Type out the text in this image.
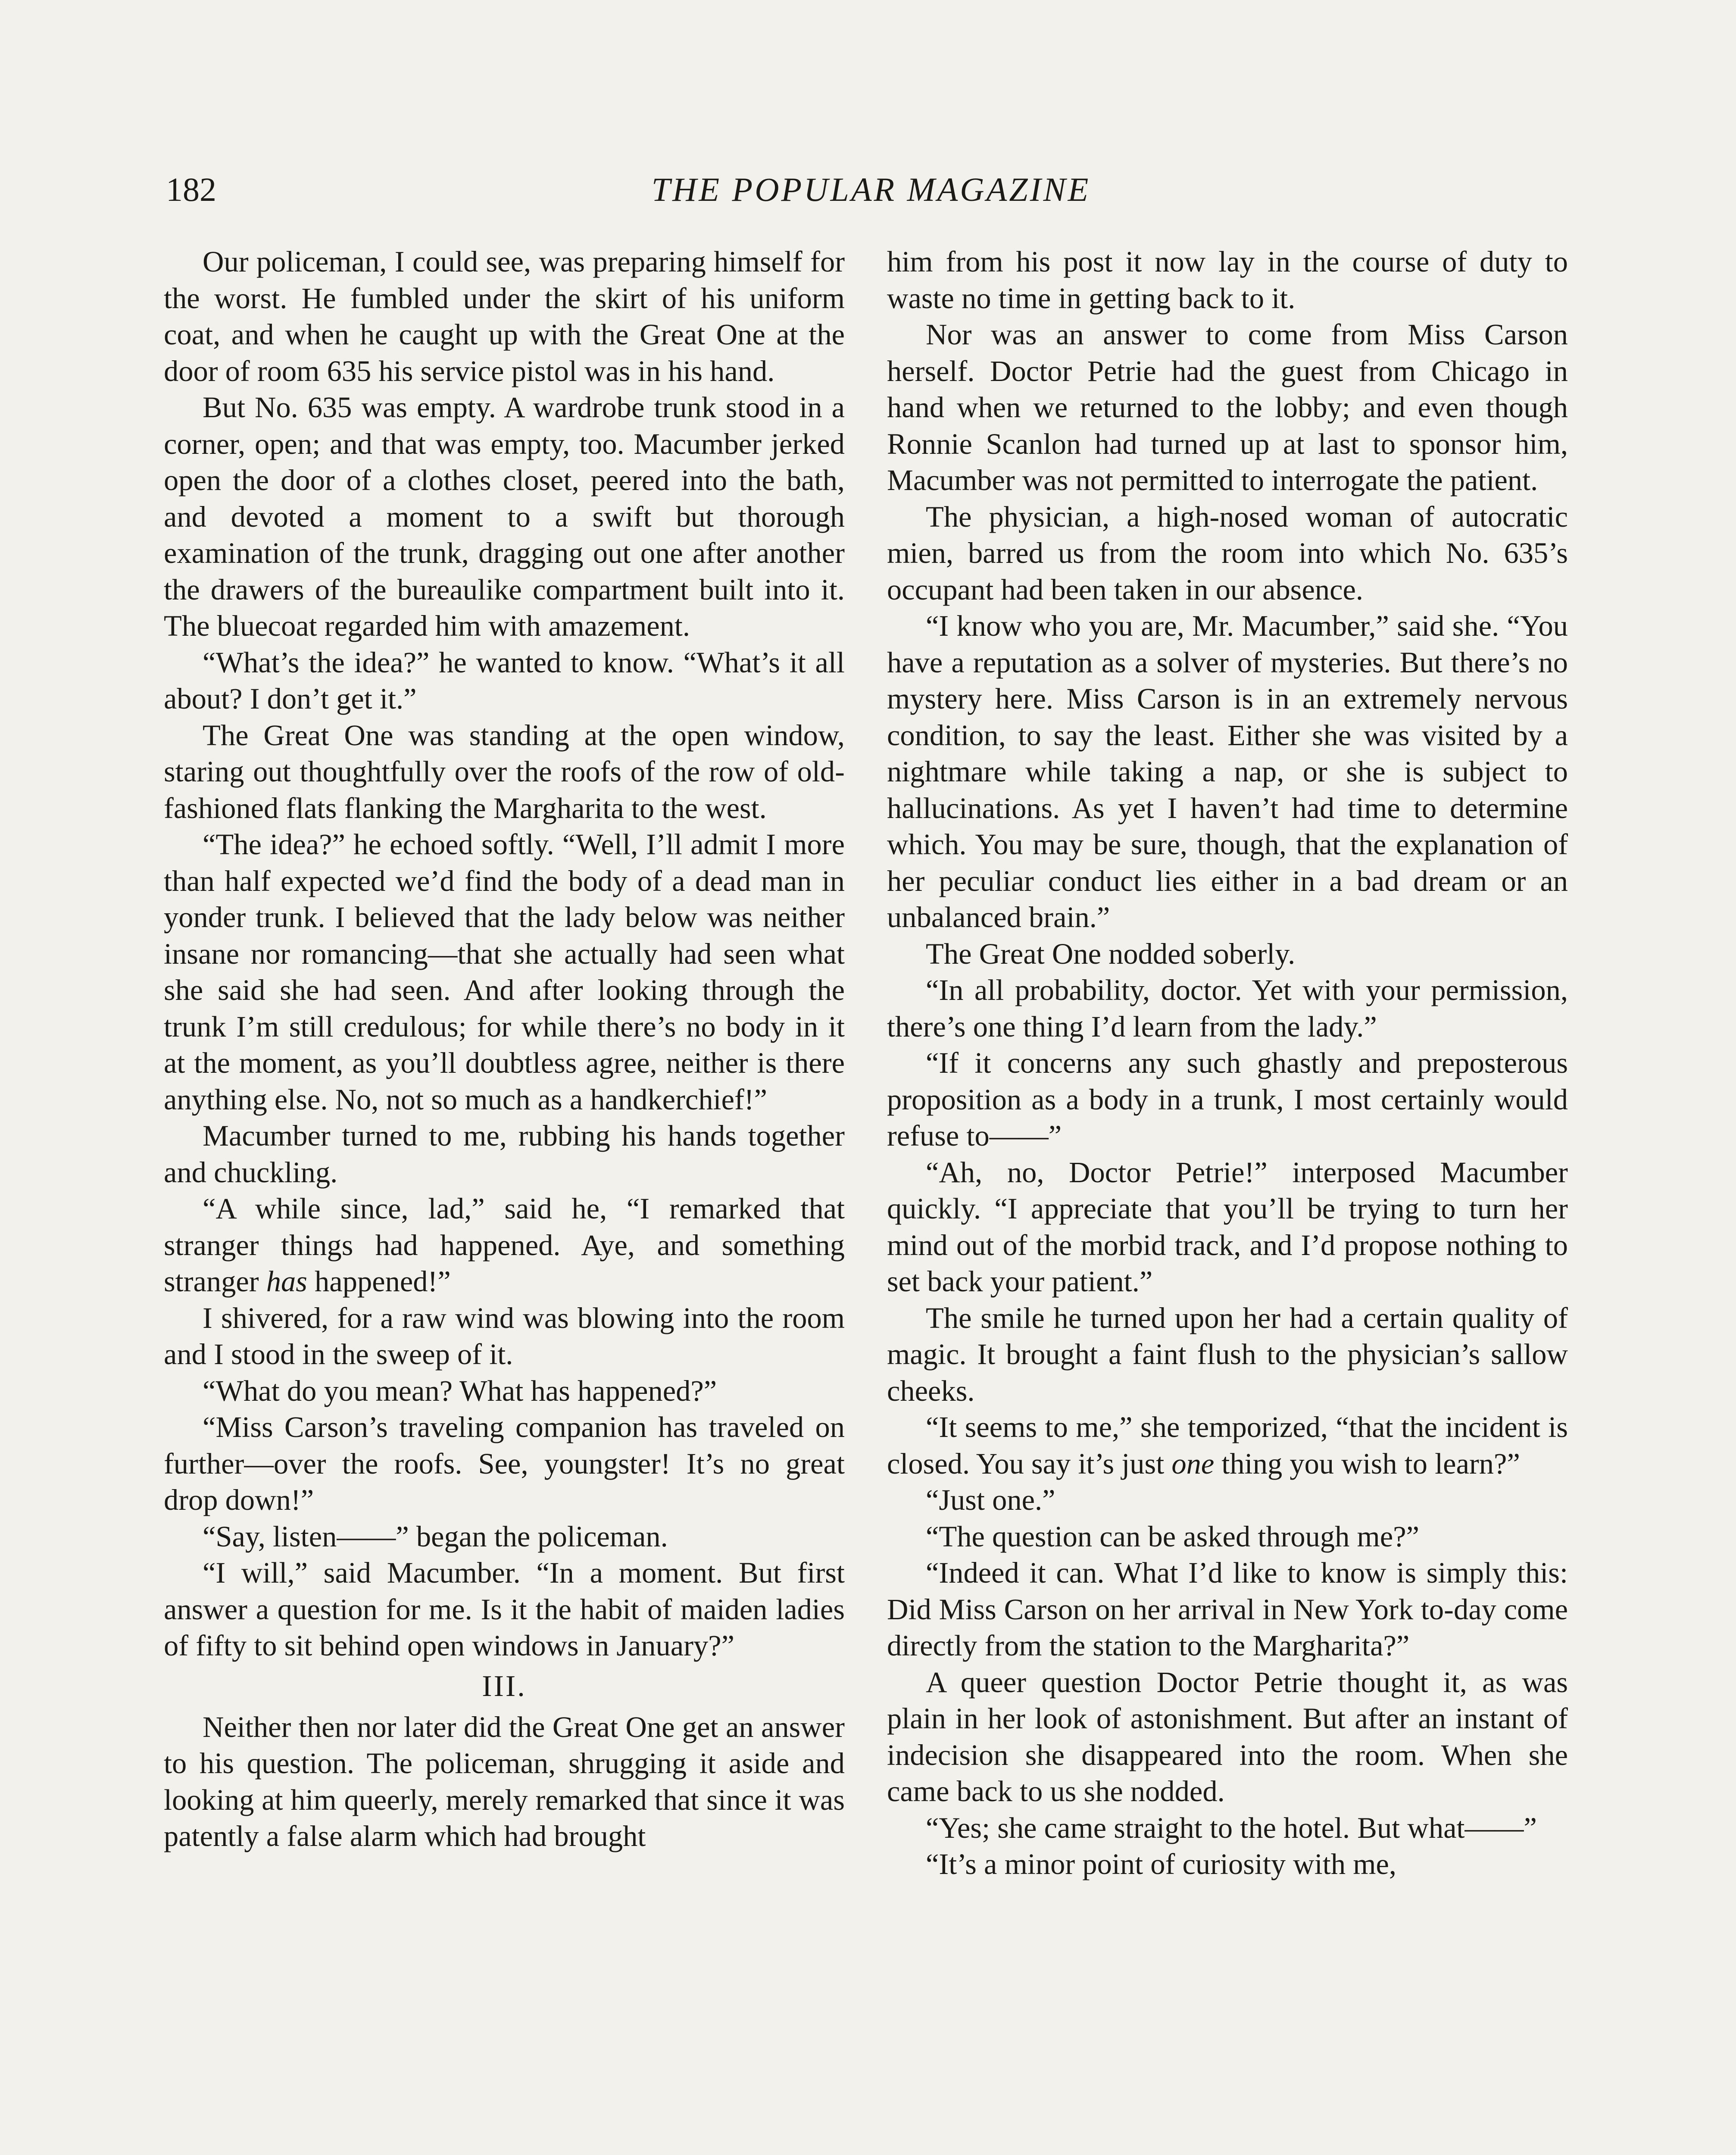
182	THE POPULAR MAGAZINE

Our policeman, I could see, was preparing himself for the worst. He fumbled under the skirt of his uniform coat, and when he caught up with the Great One at the door of room 635 his service pistol was in his hand.

But No. 635 was empty. A wardrobe trunk stood in a corner, open; and that was empty, too. Macumber jerked open the door of a clothes closet, peered into the bath, and devoted a moment to a swift but thorough examination of the trunk, dragging out one after another the drawers of the bureaulike compartment built into it. The bluecoat regarded him with amazement.

“What’s the idea?” he wanted to know. “What’s it all about? I don’t get it.”

The Great One was standing at the open window, staring out thoughtfully over the roofs of the row of old-fashioned flats flanking the Margharita to the west.

“The idea?” he echoed softly. “Well, I’ll admit I more than half expected we’d find the body of a dead man in yonder trunk. I believed that the lady below was neither insane nor romancing—that she actually had seen what she said she had seen. And after looking through the trunk I’m still credulous; for while there’s no body in it at the moment, as you’ll doubtless agree, neither is there anything else. No, not so much as a handkerchief!”

Macumber turned to me, rubbing his hands together and chuckling.

“A while since, lad,” said he, “I remarked that stranger things had happened. Aye, and something stranger has happened!”

I shivered, for a raw wind was blowing into the room and I stood in the sweep of it.

“What do you mean? What has happened?”

“Miss Carson’s traveling companion has traveled on further—over the roofs. See, youngster! It’s no great drop down!”

“Say, listen——” began the policeman.

“I will,” said Macumber. “In a moment. But first answer a question for me. Is it the habit of maiden ladies of fifty to sit behind open windows in January?”

III.

Neither then nor later did the Great One get an answer to his question. The policeman, shrugging it aside and looking at him queerly, merely remarked that since it was patently a false alarm which had brought

him from his post it now lay in the course of duty to waste no time in getting back to it.

Nor was an answer to come from Miss Carson herself. Doctor Petrie had the guest from Chicago in hand when we returned to the lobby; and even though Ronnie Scanlon had turned up at last to sponsor him, Macumber was not permitted to interrogate the patient.

The physician, a high-nosed woman of autocratic mien, barred us from the room into which No. 635’s occupant had been taken in our absence.

“I know who you are, Mr. Macumber,” said she. “You have a reputation as a solver of mysteries. But there’s no mystery here. Miss Carson is in an extremely nervous condition, to say the least. Either she was visited by a nightmare while taking a nap, or she is subject to hallucinations. As yet I haven’t had time to determine which. You may be sure, though, that the explanation of her peculiar conduct lies either in a bad dream or an unbalanced brain.”

The Great One nodded soberly.

“In all probability, doctor. Yet with your permission, there’s one thing I’d learn from the lady.”

“If it concerns any such ghastly and preposterous proposition as a body in a trunk, I most certainly would refuse to——”

“Ah, no, Doctor Petrie!” interposed Macumber quickly. “I appreciate that you’ll be trying to turn her mind out of the morbid track, and I’d propose nothing to set back your patient.”

The smile he turned upon her had a certain quality of magic. It brought a faint flush to the physician’s sallow cheeks.

“It seems to me,” she temporized, “that the incident is closed. You say it’s just one thing you wish to learn?”

“Just one.”

“The question can be asked through me?”

“Indeed it can. What I’d like to know is simply this: Did Miss Carson on her arrival in New York to-day come directly from the station to the Margharita?”

A queer question Doctor Petrie thought it, as was plain in her look of astonishment. But after an instant of indecision she disappeared into the room. When she came back to us she nodded.

“Yes; she came straight to the hotel. But what——”

“It’s a minor point of curiosity with me,
